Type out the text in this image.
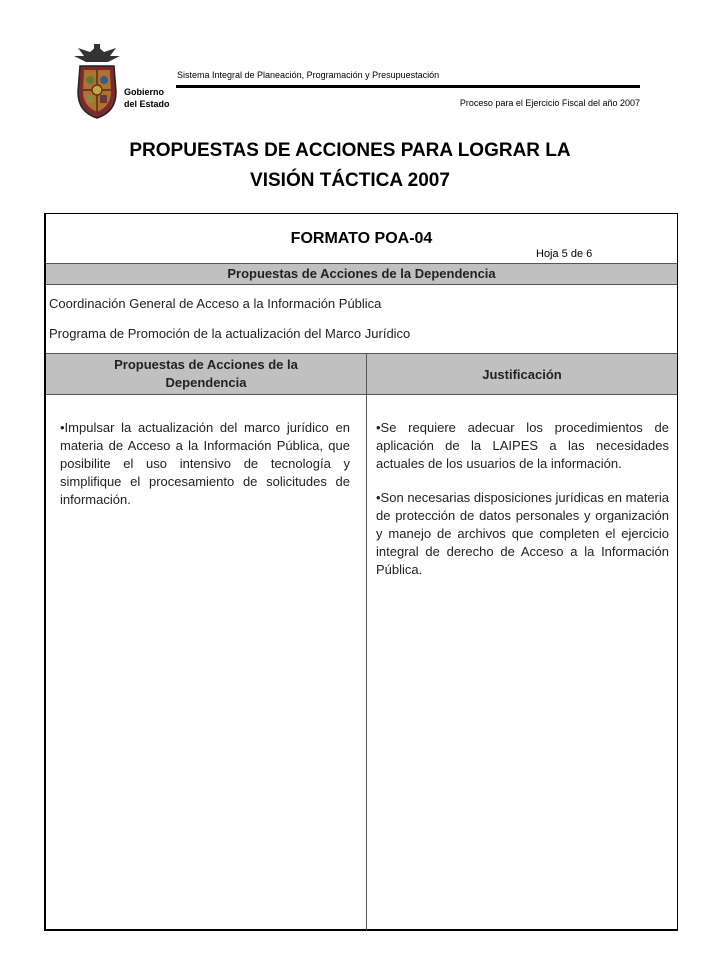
Gobierno
del Estado
Sistema Integral de Planeación, Programación y Presupuestación
Proceso para el Ejercicio Fiscal del año 2007
PROPUESTAS DE ACCIONES PARA LOGRAR LA
VISIÓN TÁCTICA 2007
FORMATO POA-04
Hoja 5 de 6
Propuestas de Acciones de la Dependencia
Coordinación General de Acceso a la Información Pública
Programa de Promoción de la actualización del Marco Jurídico
Propuestas de Acciones de la
Dependencia
Justificación

•Impulsar la actualización del marco jurídico en materia de Acceso a la Información Pública, que posibilite el uso intensivo de tecnología y simplifique el procesamiento de solicitudes de información.

•Se requiere adecuar los procedimientos de aplicación de la LAIPES a las necesidades actuales de los usuarios de la información.

•Son necesarias disposiciones jurídicas en materia de protección de datos personales y organización y manejo de archivos que completen el ejercicio integral de derecho de Acceso a la Información Pública.
